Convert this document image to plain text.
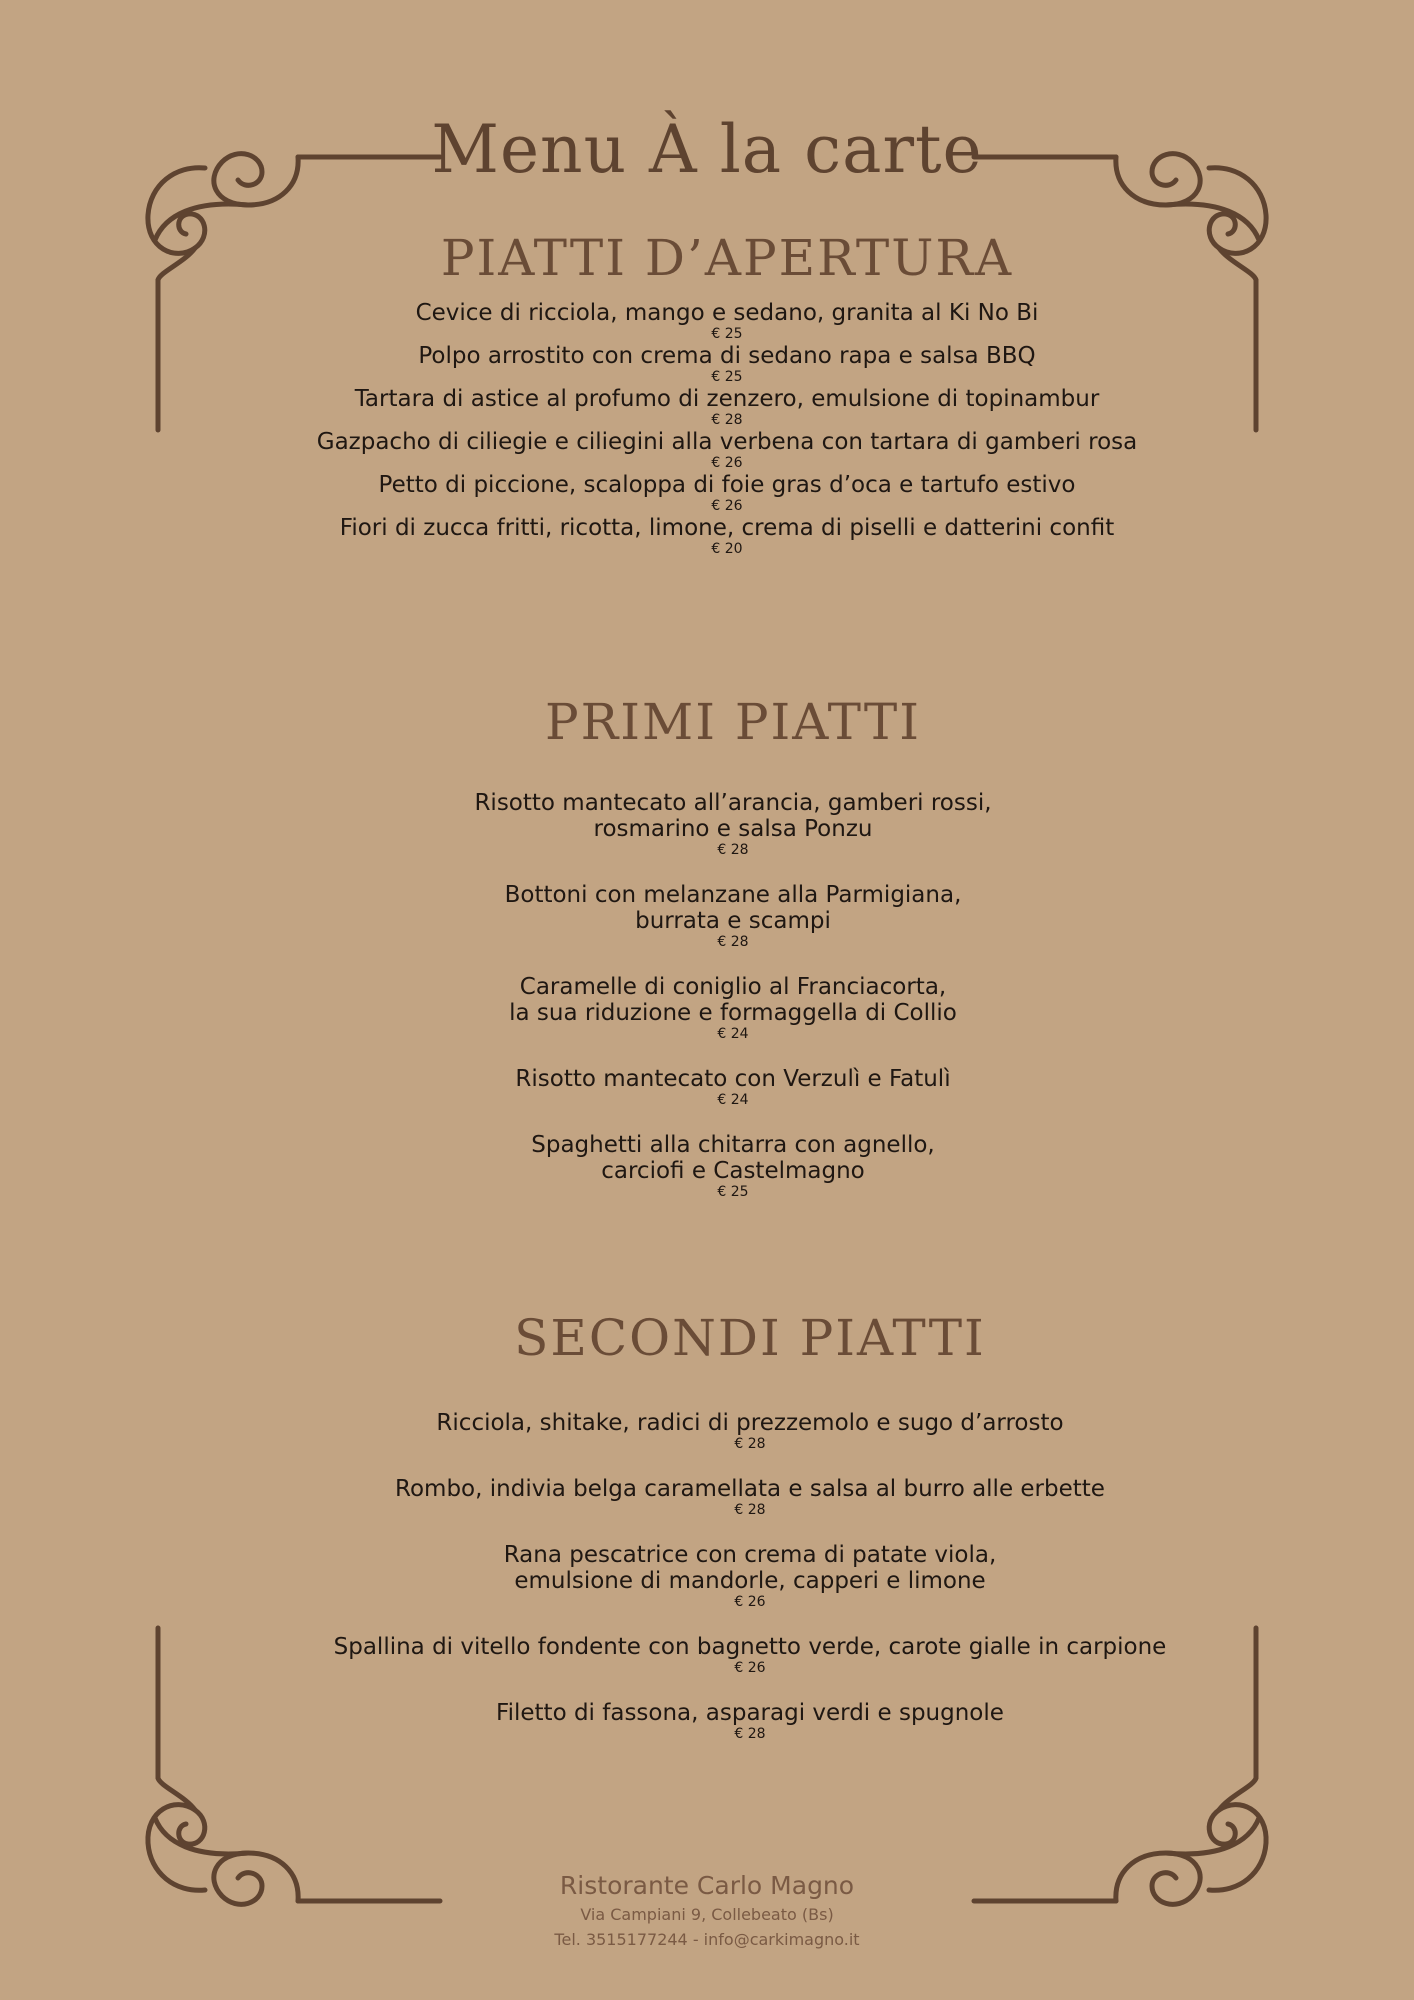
Menu À la carte
PIATTI D’APERTURA
Cevice di ricciola, mango e sedano, granita al Ki No Bi
€ 25
Polpo arrostito con crema di sedano rapa e salsa BBQ
€ 25
Tartara di astice al profumo di zenzero, emulsione di topinambur
€ 28
Gazpacho di ciliegie e ciliegini alla verbena con tartara di gamberi rosa
€ 26
Petto di piccione, scaloppa di foie gras d’oca e tartufo estivo
€ 26
Fiori di zucca fritti, ricotta, limone, crema di piselli e datterini confit
€ 20
PRIMI PIATTI
Risotto mantecato all’arancia, gamberi rossi,
rosmarino e salsa Ponzu
€ 28
Bottoni con melanzane alla Parmigiana,
burrata e scampi
€ 28
Caramelle di coniglio al Franciacorta,
la sua riduzione e formaggella di Collio
€ 24
Risotto mantecato con Verzulì e Fatulì
€ 24
Spaghetti alla chitarra con agnello,
carciofi e Castelmagno
€ 25
SECONDI PIATTI
Ricciola, shitake, radici di prezzemolo e sugo d’arrosto
€ 28
Rombo, indivia belga caramellata e salsa al burro alle erbette
€ 28
Rana pescatrice con crema di patate viola,
emulsione di mandorle, capperi e limone
€ 26
Spallina di vitello fondente con bagnetto verde, carote gialle in carpione
€ 26
Filetto di fassona, asparagi verdi e spugnole
€ 28
Ristorante Carlo Magno
Via Campiani 9, Collebeato (Bs)
Tel. 3515177244 - info@carkimagno.it
